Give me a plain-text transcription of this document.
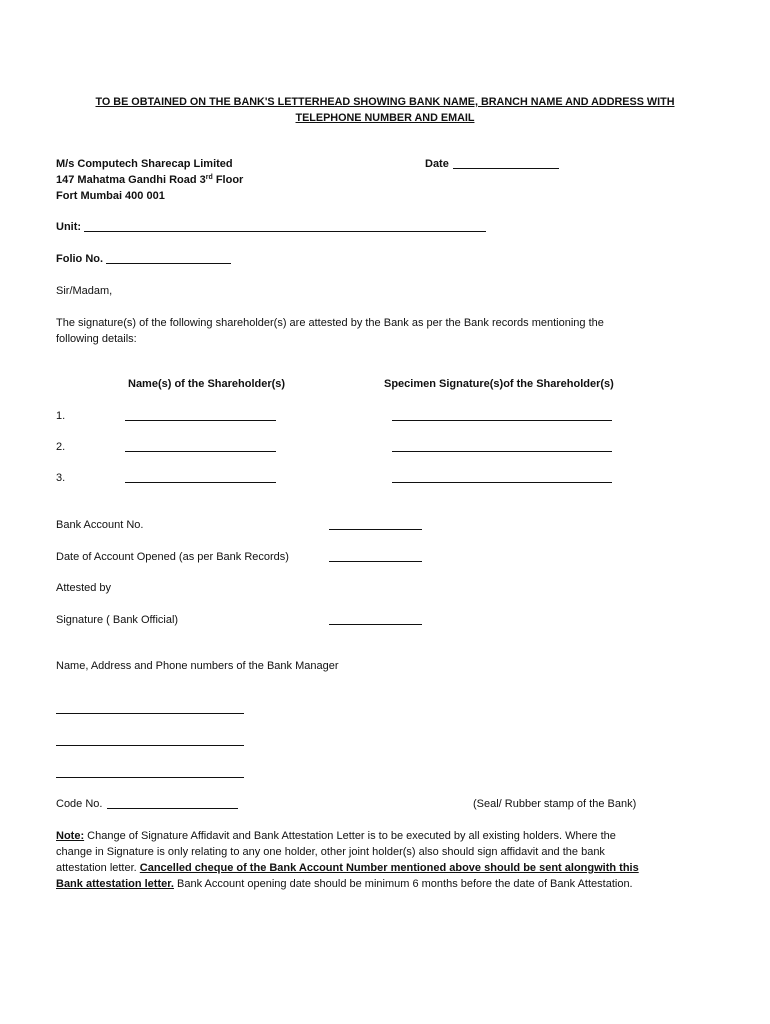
TO BE OBTAINED ON THE BANK'S LETTERHEAD SHOWING BANK NAME, BRANCH NAME AND ADDRESS WITH
TELEPHONE NUMBER AND EMAIL
M/s Computech Sharecap Limited
147 Mahatma Gandhi Road 3rd Floor
Fort Mumbai 400 001
Date
Unit:
Folio No.
Sir/Madam,
The signature(s) of the following shareholder(s) are attested by the Bank as per the Bank records mentioning the following details:
Name(s) of the Shareholder(s)	Specimen Signature(s)of the Shareholder(s)
1.
2.
3.
Bank Account No.
Date of Account Opened (as per Bank Records)
Attested by
Signature ( Bank Official)
Name, Address and Phone numbers of the Bank Manager
Code No.	(Seal/ Rubber stamp of the Bank)
Note: Change of Signature Affidavit and Bank Attestation Letter is to be executed by all existing holders. Where the change in Signature is only relating to any one holder, other joint holder(s) also should sign affidavit and the bank attestation letter. Cancelled cheque of the Bank Account Number mentioned above should be sent alongwith this Bank attestation letter. Bank Account opening date should be minimum 6 months before the date of Bank Attestation.
